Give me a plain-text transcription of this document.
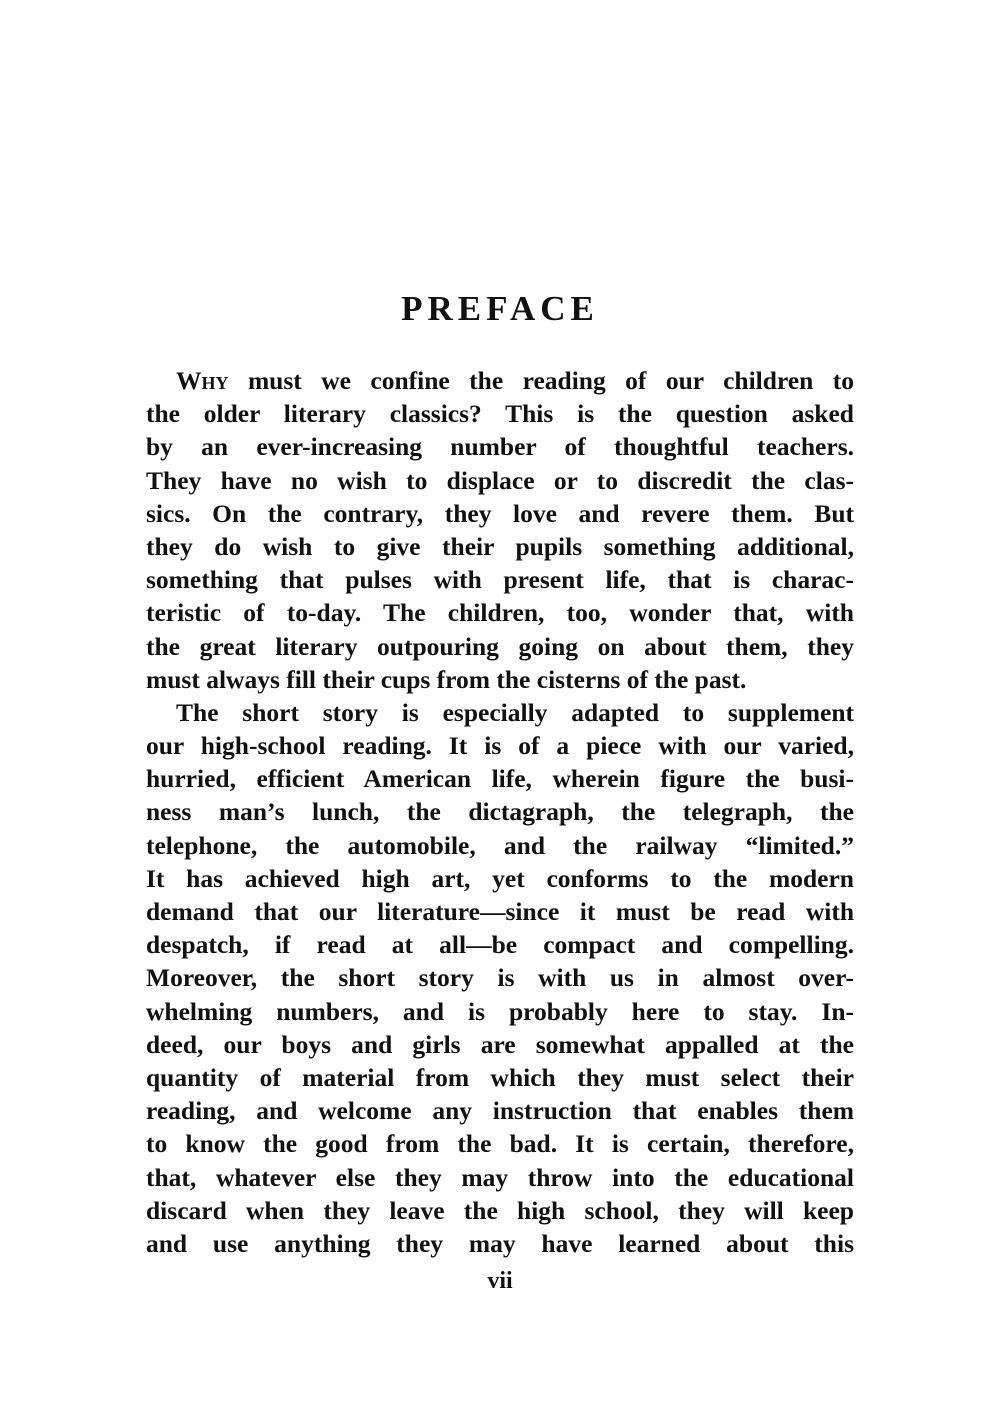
PREFACE
Why must we confine the reading of our children to
the older literary classics? This is the question asked
by an ever-increasing number of thoughtful teachers.
They have no wish to displace or to discredit the clas-
sics. On the contrary, they love and revere them. But
they do wish to give their pupils something additional,
something that pulses with present life, that is charac-
teristic of to-day. The children, too, wonder that, with
the great literary outpouring going on about them, they
must always fill their cups from the cisterns of the past.
The short story is especially adapted to supplement
our high-school reading. It is of a piece with our varied,
hurried, efficient American life, wherein figure the busi-
ness man’s lunch, the dictagraph, the telegraph, the
telephone, the automobile, and the railway “limited.”
It has achieved high art, yet conforms to the modern
demand that our literature—since it must be read with
despatch, if read at all—be compact and compelling.
Moreover, the short story is with us in almost over-
whelming numbers, and is probably here to stay. In-
deed, our boys and girls are somewhat appalled at the
quantity of material from which they must select their
reading, and welcome any instruction that enables them
to know the good from the bad. It is certain, therefore,
that, whatever else they may throw into the educational
discard when they leave the high school, they will keep
and use anything they may have learned about this
vii
